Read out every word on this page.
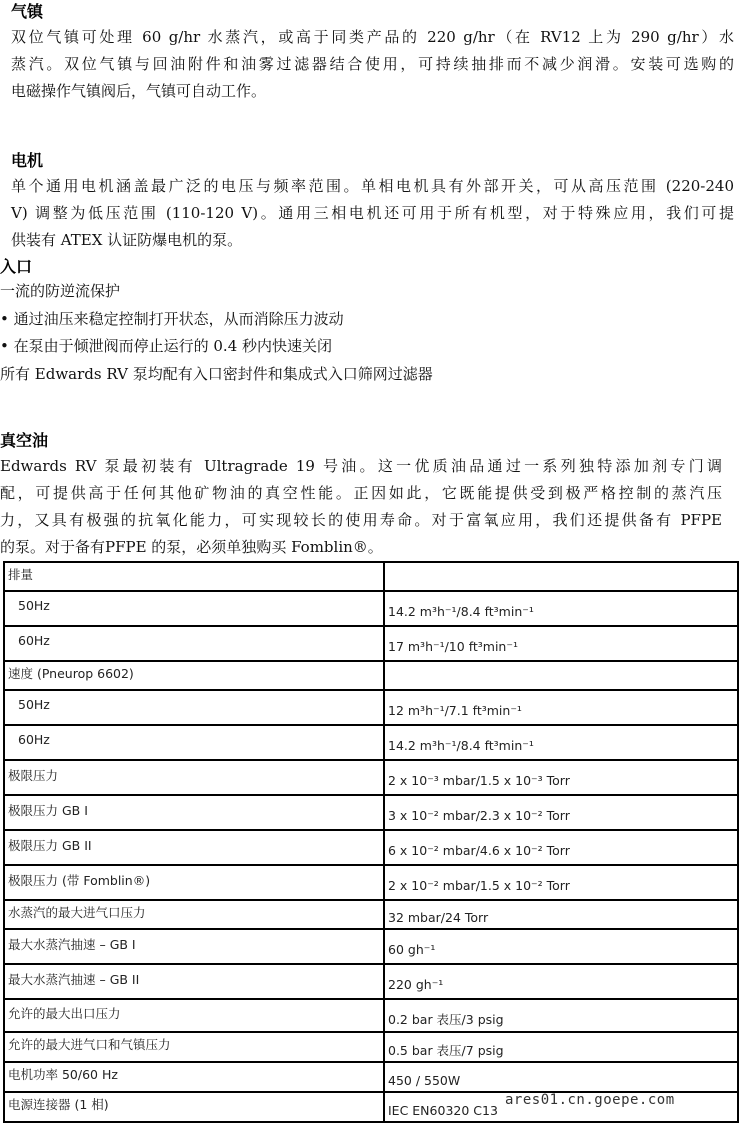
气镇
双位气镇可处理 60 g/hr 水蒸汽，或高于同类产品的 220 g/hr（在 RV12 上为 290 g/hr）水
蒸汽。双位气镇与回油附件和油雾过滤器结合使用，可持续抽排而不减少润滑。安装可选购的
电磁操作气镇阀后，气镇可自动工作。
电机
单个通用电机涵盖最广泛的电压与频率范围。单相电机具有外部开关，可从高压范围 (220-240
V) 调整为低压范围 (110-120 V)。通用三相电机还可用于所有机型，对于特殊应用，我们可提
供装有 ATEX 认证防爆电机的泵。
入口
一流的防逆流保护
• 通过油压来稳定控制打开状态，从而消除压力波动
• 在泵由于倾泄阀而停止运行的 0.4 秒内快速关闭
所有 Edwards RV 泵均配有入口密封件和集成式入口筛网过滤器
真空油
Edwards RV 泵最初装有 Ultragrade 19 号油。这一优质油品通过一系列独特添加剂专门调
配，可提供高于任何其他矿物油的真空性能。正因如此，它既能提供受到极严格控制的蒸汽压
力，又具有极强的抗氧化能力，可实现较长的使用寿命。对于富氧应用，我们还提供备有 PFPE
的泵。对于备有PFPE 的泵，必须单独购买 Fomblin®。
排量	
50Hz	14.2 m³h⁻¹/8.4 ft³min⁻¹
60Hz	17 m³h⁻¹/10 ft³min⁻¹
速度 (Pneurop 6602)	
50Hz	12 m³h⁻¹/7.1 ft³min⁻¹
60Hz	14.2 m³h⁻¹/8.4 ft³min⁻¹
极限压力	2 x 10⁻³ mbar/1.5 x 10⁻³ Torr
极限压力 GB I	3 x 10⁻² mbar/2.3 x 10⁻² Torr
极限压力 GB II	6 x 10⁻² mbar/4.6 x 10⁻² Torr
极限压力 (带 Fomblin®)	2 x 10⁻² mbar/1.5 x 10⁻² Torr
水蒸汽的最大进气口压力	32 mbar/24 Torr
最大水蒸汽抽速 – GB I	60 gh⁻¹
最大水蒸汽抽速 – GB II	220 gh⁻¹
允许的最大出口压力	0.2 bar 表压/3 psig
允许的最大进气口和气镇压力	0.5 bar 表压/7 psig
电机功率 50/60 Hz	450 / 550W
电源连接器 (1 相)	IEC EN60320 C13
ares01.cn.goepe.com
